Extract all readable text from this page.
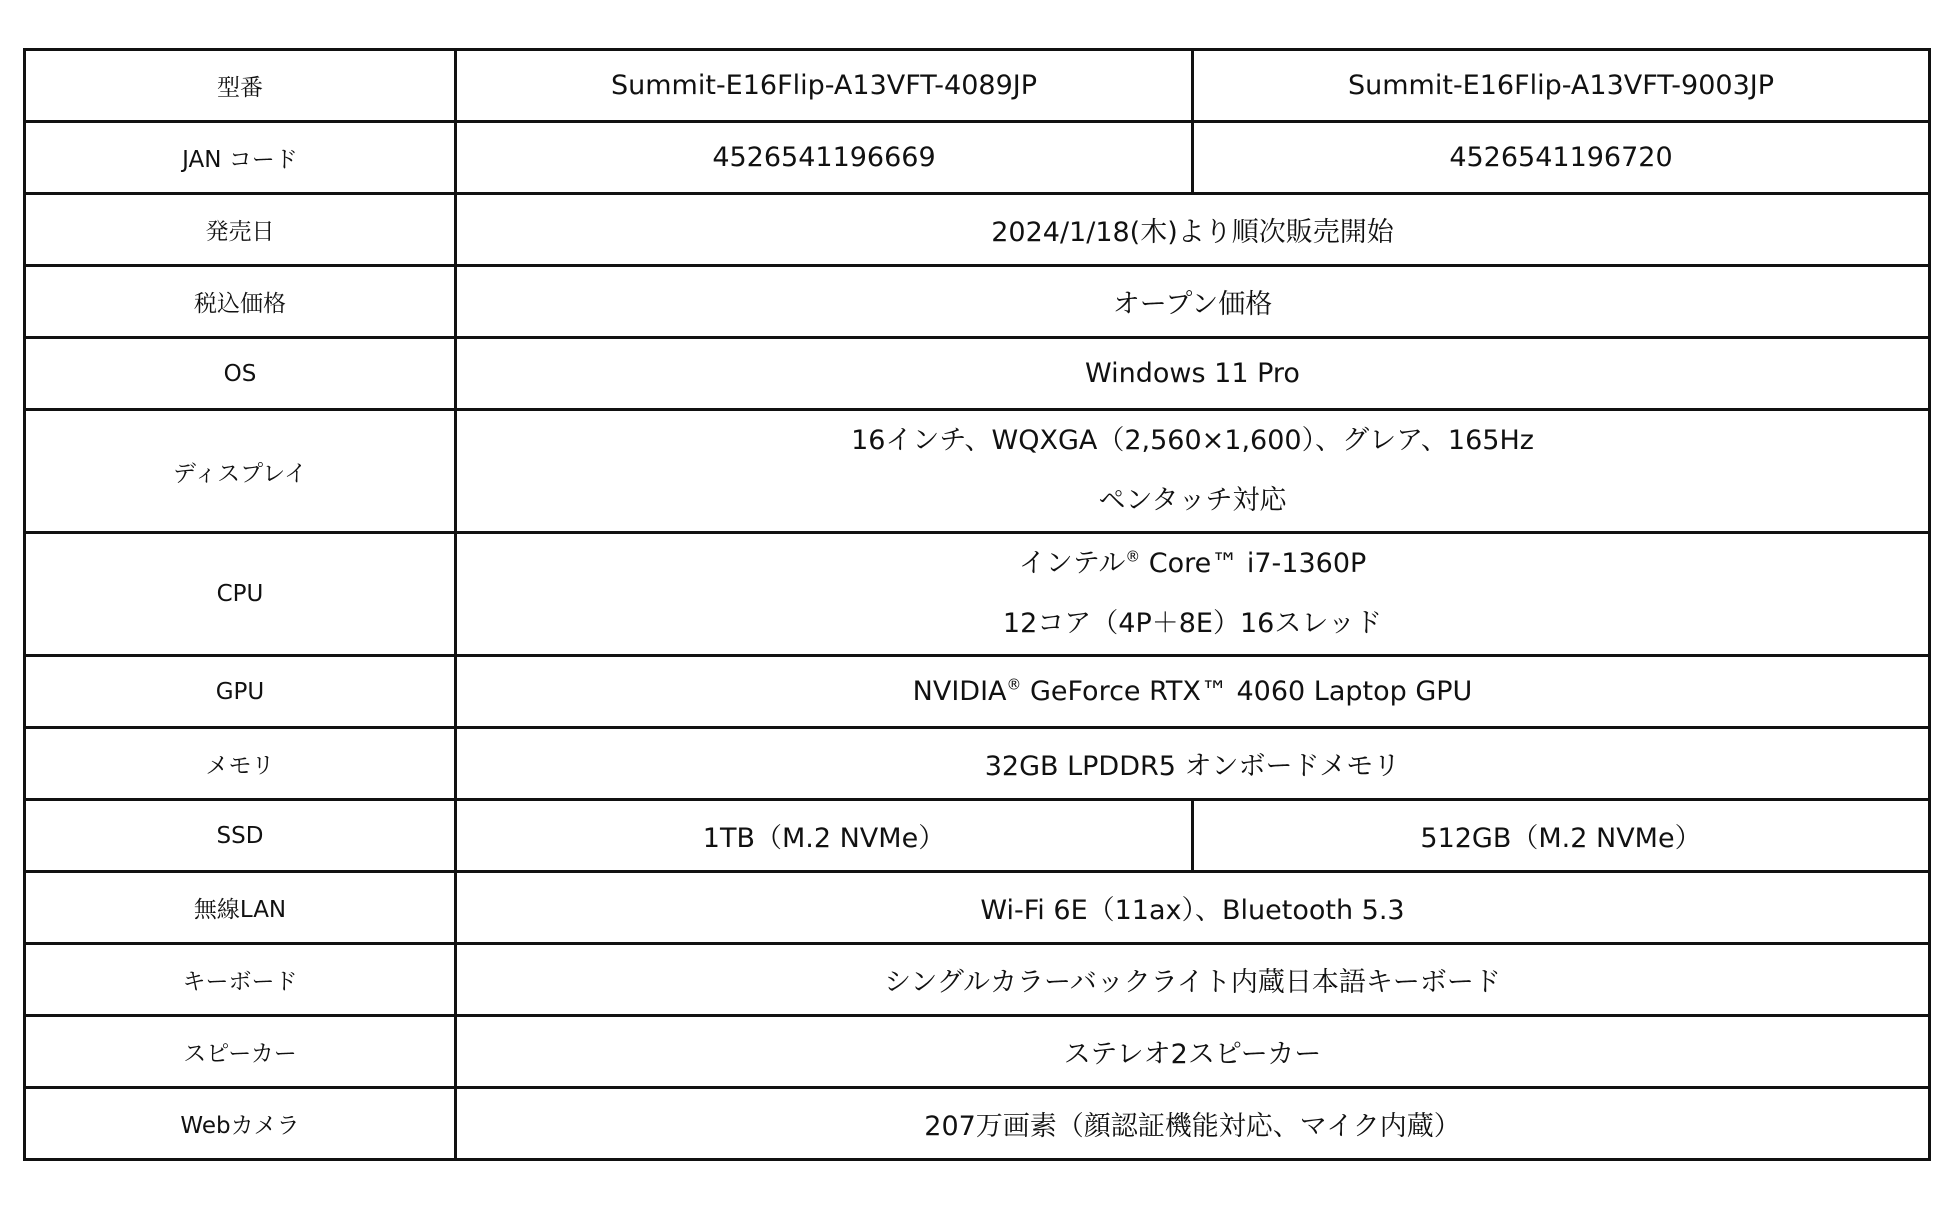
型番	Summit-E16Flip-A13VFT-4089JP	Summit-E16Flip-A13VFT-9003JP
JAN コード	4526541196669	4526541196720
発売日	2024/1/18(木)より順次販売開始	
税込価格	オープン価格	
OS	Windows 11 Pro	
ディスプレイ	16インチ、WQXGA（2,560×1,600）、グレア、165Hz
ペンタッチ対応	

CPU	インテル® Core™ i7-1360P
12コア（4P＋8E）16スレッド	

GPU	NVIDIA® GeForce RTX™ 4060 Laptop GPU	
メモリ	32GB LPDDR5 オンボードメモリ	
SSD	1TB（M.2 NVMe）	512GB（M.2 NVMe）
無線LAN	Wi-Fi 6E（11ax）、Bluetooth 5.3	
キーボード	シングルカラーバックライト内蔵日本語キーボード	
スピーカー	ステレオ2スピーカー	
Webカメラ	207万画素（顔認証機能対応、マイク内蔵）	
